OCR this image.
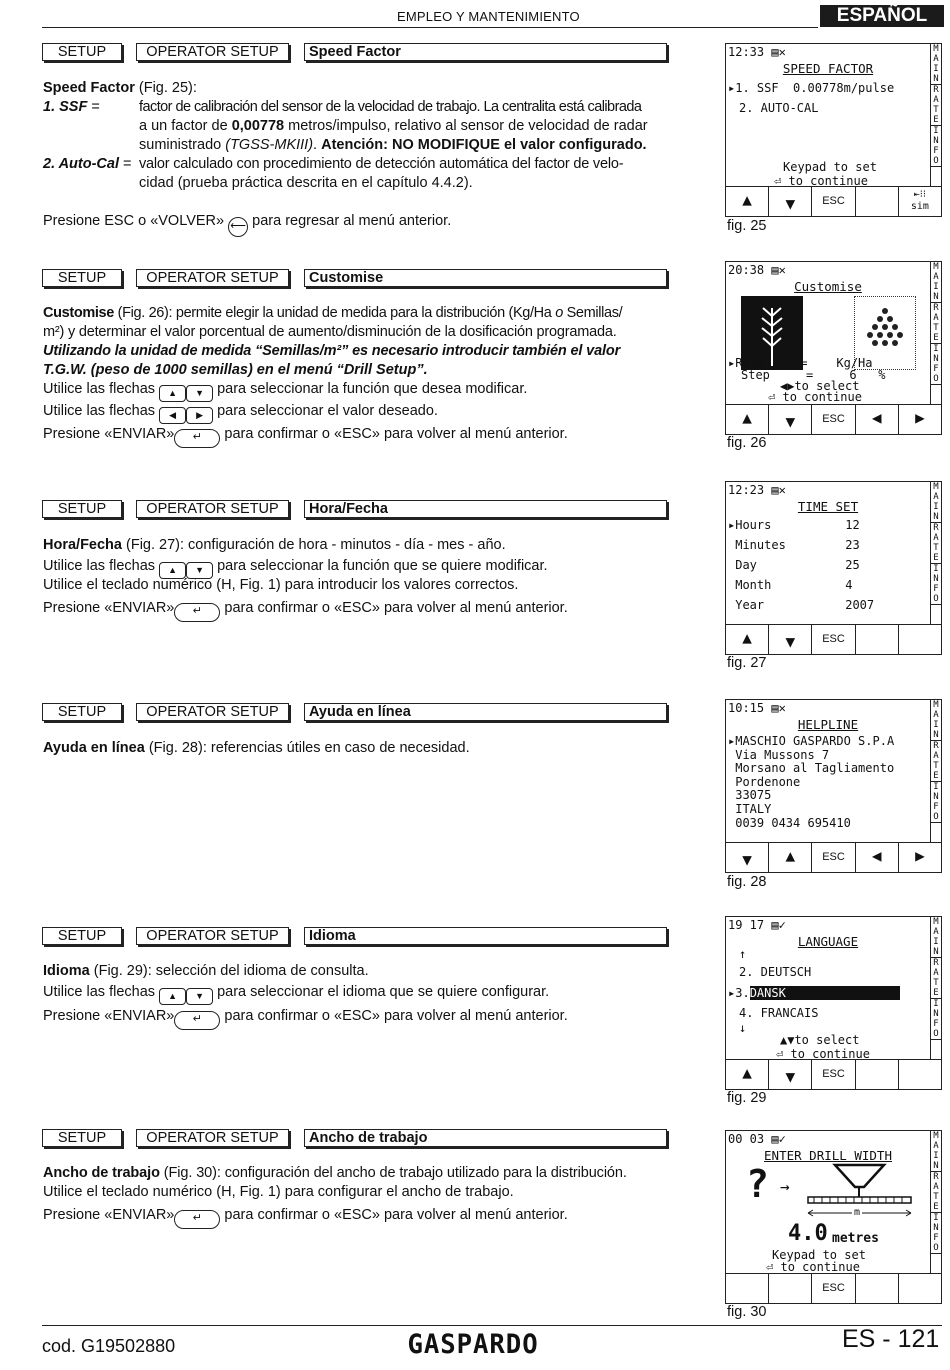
EMPLEO Y MANTENIMIENTO	ESPAÑOL
SETUP	OPERATOR SETUP	Speed Factor
Speed Factor (Fig. 25):
1. SSF =	factor de calibración del sensor de la velocidad de trabajo. La centralita está calibrada
a un factor de 0,00778 metros/impulso, relativo al sensor de velocidad de radar
suministrado (TGSS-MKIII). Atención: NO MODIFIQUE el valor configurado.
2. Auto-Cal = valor calculado con procedimiento de detección automática del factor de velo-
cidad (prueba práctica descrita en el capítulo 4.4.2).
Presione ESC o «VOLVER» ⟵ para regresar al menú anterior.
12:33 ▤✕	M
A
I
N
R
A
T
E
I
N
F
O
SPEED FACTOR
▸1. SSF  0.00778m/pulse
2. AUTO-CAL
Keypad to set
⏎ to continue
▲	▼	ESC
⇤⁝⁝
sim
fig. 25
SETUP	OPERATOR SETUP	Customise
Customise (Fig. 26): permite elegir la unidad de medida para la distribución (Kg/Ha o Semillas/
m²) y determinar el valor porcentual de aumento/disminución de la dosificación programada.
Utilizando la unidad de medida “Semillas/m²” es necesario introducir también el valor
T.G.W. (peso de 1000 semillas) en el menú “Drill Setup”.
Utilice las flechas ▲ ▼ para seleccionar la función que desea modificar.
Utilice las flechas ◀ ▶ para seleccionar el valor deseado.
Presione «ENVIAR» ↵ para confirmar o «ESC» para volver al menú anterior.
20:38 ▤✕	M
A
I
N
R
A
T
E
I
N
F
O
Customise
▸Rate     =    Kg/Ha
Step     =     6   %
◀▶to select
⏎ to continue
▲	▼	ESC	◀	▶
fig. 26
SETUP	OPERATOR SETUP	Hora/Fecha
Hora/Fecha (Fig. 27): configuración de hora - minutos - día - mes - año.
Utilice las flechas ▲ ▼ para seleccionar la función que se quiere modificar.
Utilice el teclado numérico (H, Fig. 1) para introducir los valores correctos.
Presione «ENVIAR» ↵ para confirmar o «ESC» para volver al menú anterior.
12:23 ▤✕	M
A
I
N
R
A
T
E
I
N
F
O
TIME SET
▸Hours	12
Minutes	23
Day	25
Month	4
Year	2007
▲	▼	ESC
fig. 27
SETUP	OPERATOR SETUP	Ayuda en línea
Ayuda en línea (Fig. 28): referencias útiles en caso de necesidad.
10:15 ▤✕	M
A
I
N
R
A
T
E
I
N
F
O
HELPLINE
▸MASCHIO GASPARDO S.P.A
Via Mussons 7
Morsano al Tagliamento
Pordenone
33075
ITALY
0039 0434 695410
▼	▲	ESC	◀	▶
fig. 28
SETUP	OPERATOR SETUP	Idioma
Idioma (Fig. 29): selección del idioma de consulta.
Utilice las flechas ▲ ▼ para seleccionar el idioma que se quiere configurar.
Presione «ENVIAR» ↵ para confirmar o «ESC» para volver al menú anterior.
19 17 ▤✓	M
A
I
N
R
A
T
E
I
N
F
O
LANGUAGE
↑
2. DEUTSCH
▸3.DANSK
4. FRANCAIS
↓
▲▼to select
⏎ to continue
▲	▼	ESC
fig. 29
SETUP	OPERATOR SETUP	Ancho de trabajo
Ancho de trabajo (Fig. 30): configuración del ancho de trabajo utilizado para la distribución.
Utilice el teclado numérico (H, Fig. 1) para configurar el ancho de trabajo.
Presione «ENVIAR» ↵ para confirmar o «ESC» para volver al menú anterior.
00 03 ▤✓	M
A
I
N
R
A
T
E
I
N
F
O
ENTER DRILL WIDTH
? →
m
4.0 metres
Keypad to set
⏎ to continue
ESC
fig. 30
cod. G19502880	GASPARDO	ES - 121
